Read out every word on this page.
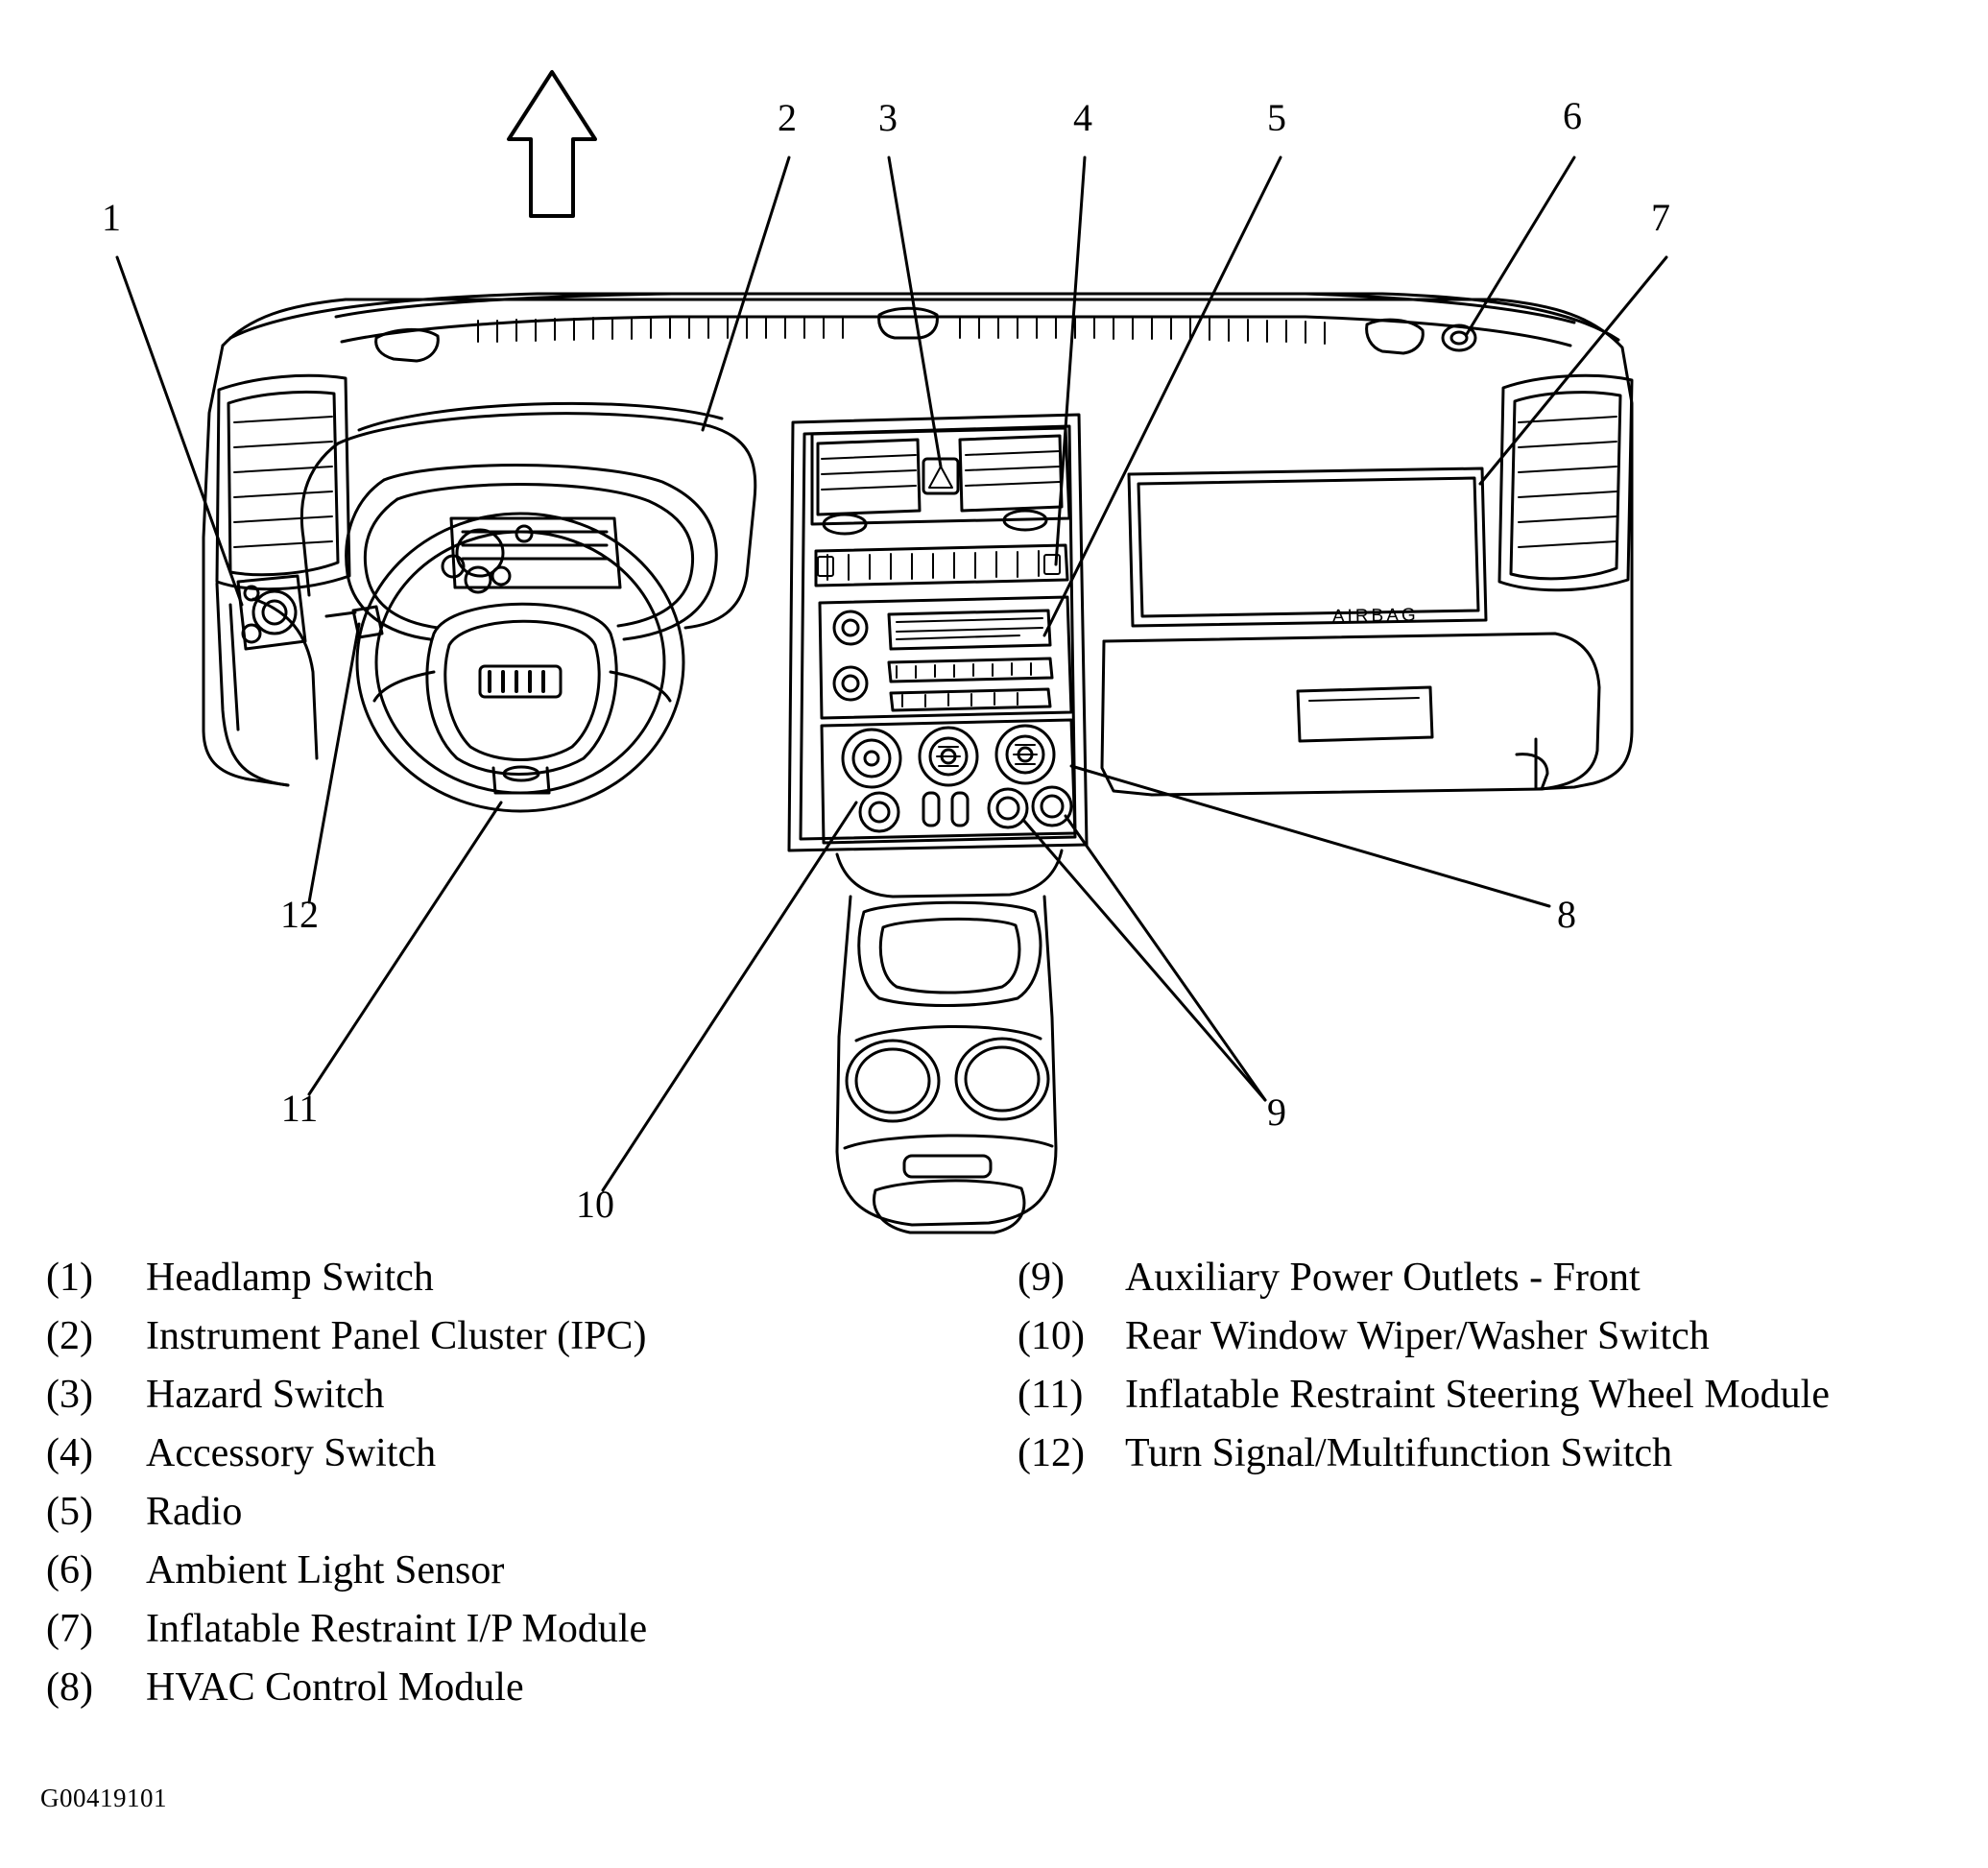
AIRBAG
1
2 3	4	5	6
7
8
9
10
11
12
(1)	Headlamp Switch
(2)	Instrument Panel Cluster (IPC)
(3)	Hazard Switch
(4)	Accessory Switch
(5)	Radio
(6)	Ambient Light Sensor
(7)	Inflatable Restraint I/P Module
(8)	HVAC Control Module
(9)	Auxiliary Power Outlets - Front
(10)	Rear Window Wiper/Washer Switch
(11)	Inflatable Restraint Steering Wheel Module
(12)	Turn Signal/Multifunction Switch
G00419101
